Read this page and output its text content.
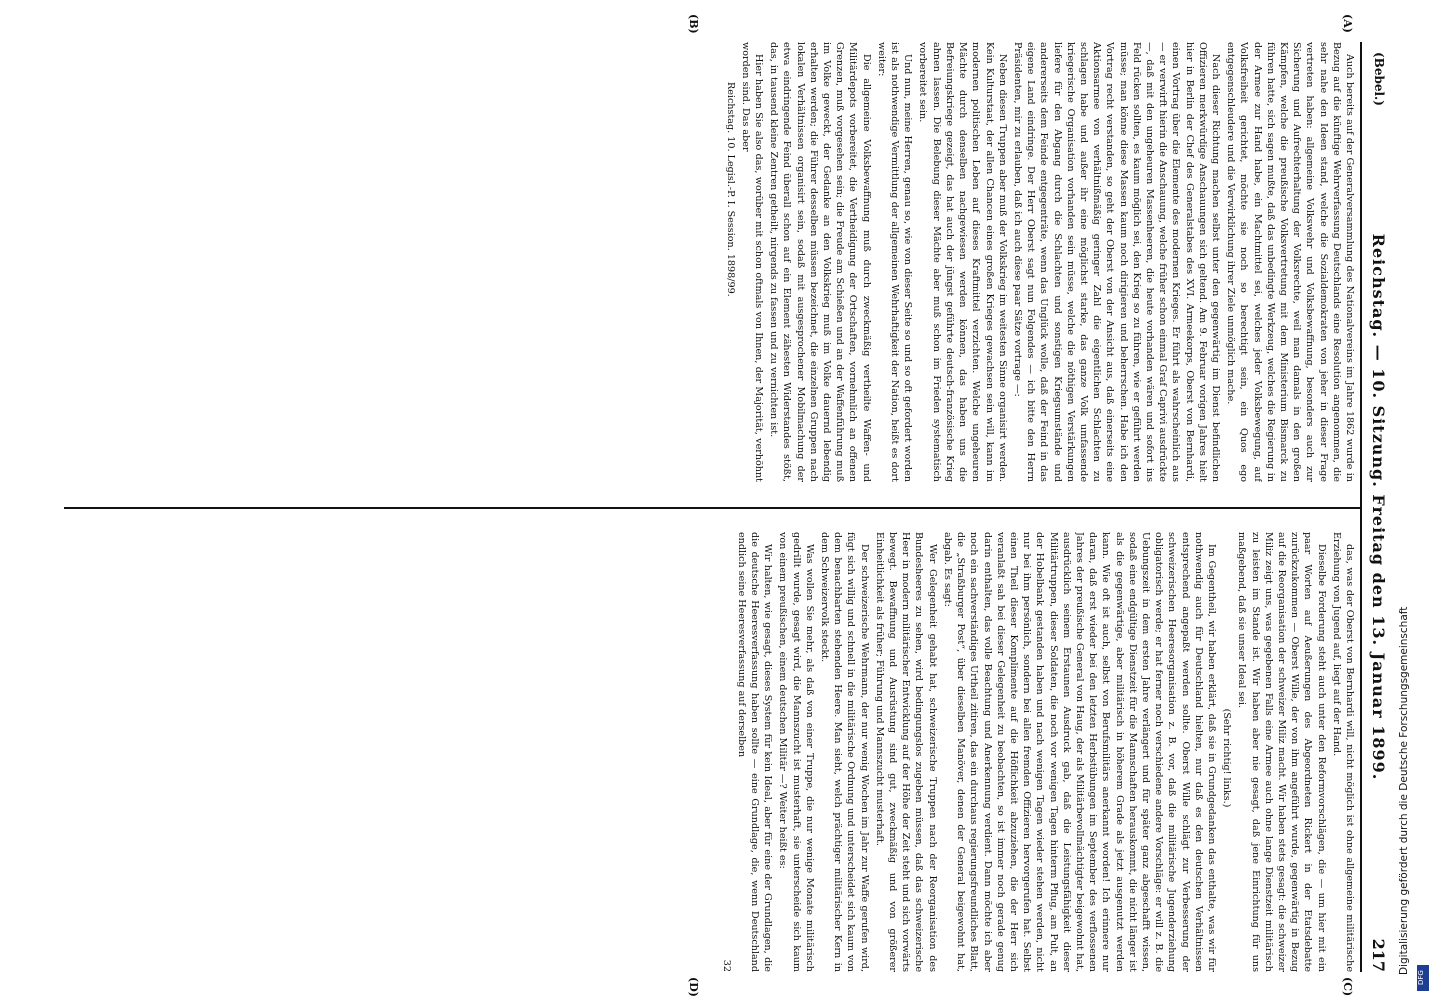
(Bebel.)
Reichstag. — 10. Sitzung. Freitag den 13. Januar 1899.
217

Auch bereits auf der Generalversammlung des Nationalvereins im Jahre 1862 wurde in Bezug auf die künftige Wehrverfassung Deutschlands eine Resolution angenommen, die sehr nahe den Ideen stand, welche die Sozialdemokraten von jeher in dieser Frage vertreten haben: allgemeine Volkswehr und Volksbewaffnung, besonders auch zur Sicherung und Aufrechterhaltung der Volksrechte, weil man damals in den großen Kämpfen, welche die preußische Volksvertretung mit dem Ministerium Bismarck zu führen hatte, sich sagen mußte, daß das unbedingte Werkzeug, welches die Regierung in der Armee zur Hand habe, ein Machtmittel sei, welches jeder Volksbewegung, auf Volksfreiheit gerichtet, möchte sie noch so berechtigt sein, ein Quos ego entgegenschleudere und die Verwirklichung ihrer Ziele unmöglich mache.

Nach dieser Richtung machen selbst unter den gegenwärtig im Dienst befindlichen Offizieren merkwürdige Anschauungen sich geltend. Am 9. Februar vorigen Jahres hielt hier in Berlin der Chef des Generalstabes des XVI. Armeekorps, Oberst von Bernhardi, einen Vortrag über die Elemente des modernen Krieges. Er führt als wahrscheinlich aus — er verwirft hierin die Anschauung, welche früher schon einmal Graf Caprivi ausdrückte —, daß mit den ungeheuren Massenheeren, die heute vorhanden wären und sofort ins Feld rücken sollten, es kaum möglich sei, den Krieg so zu führen, wie er geführt werden müsse; man könne diese Massen kaum noch dirigieren und beherrschen. Habe ich den Vortrag recht verstanden, so geht der Oberst von der Ansicht aus, daß einerseits eine Aktionsarmee von verhältnißmäßig geringer Zahl die eigentlichen Schlachten zu schlagen habe und außer ihr eine möglichst starke, das ganze Volk umfassende kriegerische Organisation vorhanden sein müsse, welche die nöthigen Verstärkungen liefere für den Abgang durch die Schlachten und sonstigen Kriegsumstände und andererseits dem Feinde entgegenträte, wenn das Unglück wolle, daß der Feind in das eigene Land eindringe. Der Herr Oberst sagt nun Folgendes — ich bitte den Herrn Präsidenten, mir zu erlauben, daß ich auch diese paar Sätze vortrage —:

Neben diesen Truppen aber muß der Volkskrieg im weitesten Sinne organisirt werden. Kein Kulturstaat, der allen Chancen eines großen Krieges gewachsen sein will, kann im modernen politischen Leben auf dieses Kraftmittel verzichten. Welche ungeheuren Mächte durch denselben nachgewiesen werden können, das haben uns die Befreiungskriege gezeigt, das hat auch der jüngst geführte deutsch-französische Krieg ahnen lassen. Die Belebung dieser Mächte aber muß schon im Frieden systematisch vorbereitet sein.

Und nun, meine Herren, genau so, wie von dieser Seite so und so oft gefordert worden ist als nothwendige Vermittlung der allgemeinen Wehrhaftigkeit der Nation, heißt es dort weiter:

Die allgemeine Volksbewaffnung muß durch zweckmäßig vertheilte Waffen- und Militärdepots vorbereitet, die Vertheidigung der Ortschaften, vornehmlich an offenen Grenzen, muß vorgesehen sein; die Freude am Schießen und an der Waffenführung muß im Volke geweckt, der Gedanke an den Volkskrieg muß im Volke dauernd lebendig erhalten werden; die Führer desselben müssen bezeichnet, die einzelnen Gruppen nach lokalen Verhältnissen organisirt sein, sodaß mit ausgesprochener Mobilmachung der etwa eindringende Feind überall schon auf ein Element zähesten Widerstandes stößt, das, in tausend kleine Zentren getheilt, nirgends zu fassen und zu vernichten ist.

Hier haben Sie also das, worüber mit schon oftmals von Ihnen, der Majorität, verhöhnt worden sind. Das aber

Reichstag. 10. Legisl.-P. I. Session. 1898/99.

das, was der Oberst von Bernhardi will, nicht möglich ist ohne allgemeine militärische Erziehung von Jugend auf, liegt auf der Hand.

Dieselbe Forderung steht auch unter den Reformvorschlägen, die — um hier mit ein paar Worten auf Aeußerungen des Abgeordneten Rickert in der Etatsdebatte zurückzukommen — Oberst Wille, der von ihm angeführt wurde, gegenwärtig in Bezug auf die Reorganisation der schweizer Miliz macht. Wir haben stets gesagt: die schweizer Miliz zeigt uns, was gegebenen Falls eine Armee auch ohne lange Dienstzeit militärisch zu leisten im Stande ist. Wir haben aber nie gesagt, daß jene Einrichtung für uns maßgebend, daß sie unser Ideal sei.

(Sehr richtig! links.)

Im Gegentheil, wir haben erklärt, daß sie in Grundgedanken das enthalte, was wir für nothwendig auch für Deutschland hielten, nur daß es den deutschen Verhältnissen entsprechend angepaßt werden sollte. Oberst Wille schlägt zur Verbesserung der schweizerischen Heeresorganisation z. B. vor, daß die militärische Jugenderziehung obligatorisch werde; er hat ferner noch verschiedene andere Vorschläge: er will z. B. die Uebungszeit in dem ersten Jahre verlängert und für später ganz abgeschafft wissen, sodaß eine endgültige Dienstzeit für die Mannschaften herauskommt, die nicht länger ist als die gegenwärtige, aber militärisch in höherem Grade als jetzt ausgenutzt werden kann. Wie oft ist auch, selbst von Berufsmilitärs anerkannt worden! Ich erinnere nur daran, daß erst wieder bei den letzten Herbstübungen im September des verflossenen Jahres der preußische General von Haug, der als Militärbevollmächtigter beigewohnt hat, ausdrücklich seinem Erstaunen Ausdruck gab, daß die Leistungsfähigkeit dieser Militärtruppen, dieser Soldaten, die noch vor wenigen Tagen hinterm Pflug, am Pult, an der Hobelbank gestanden haben und nach wenigen Tagen wieder stehen werden, nicht nur bei ihm persönlich, sondern bei allen fremden Offizieren hervorgerufen hat. Selbst einen Theil dieser Komplimente auf die Höflichkeit abzuziehen, die der Herr sich veranlaßt sah bei dieser Gelegenheit zu beobachten, so ist immer noch gerade genug darin enthalten, das volle Beachtung und Anerkennung verdient. Dann möchte ich aber noch ein sachverständiges Urtheil zitiren, das ein durchaus regierungsfreundliches Blatt, die „Straßburger Post“, über dieselben Manöver, denen der General beigewohnt hat, abgab. Es sagt:

Wer Gelegenheit gehabt hat, schweizerische Truppen nach der Reorganisation des Bundesheeres zu sehen, wird bedingungslos zugeben müssen, daß das schweizerische Heer in modern militärischer Entwicklung auf der Höhe der Zeit steht und sich vorwärts bewegt. Bewaffnung und Ausrüstung sind gut, zweckmäßig und von größerer Einheitlichkeit als früher; Führung und Mannszucht musterhaft.

Der schweizerische Wehrmann, der nur wenig Wochen im Jahr zur Waffe gerufen wird, fügt sich willig und schnell in die militärische Ordnung und unterscheidet sich kaum von dem benachbarten stehenden Heere. Man sieht, welch prächtiger militärischer Kern in dem Schweizervolk steckt.

Was wollen Sie mehr, als daß von einer Truppe, die nur wenige Monate militärisch gedrillt wurde, gesagt wird, die Mannszucht ist musterhaft, sie unterscheide sich kaum von einem preußischen, einem deutschen Militär —? Weiter heißt es:

Wir halten, wie gesagt, dieses System für kein Ideal, aber für eine der Grundlagen, die die deutsche Heeresverfassung haben sollte — eine Grundlage, die, wenn Deutschland endlich seine Heeresverfassung auf derselben

32

(A)
(B)
(C)
(D)
Digitalisierung gefördert durch die Deutsche Forschungsgemeinschaft
DFG
